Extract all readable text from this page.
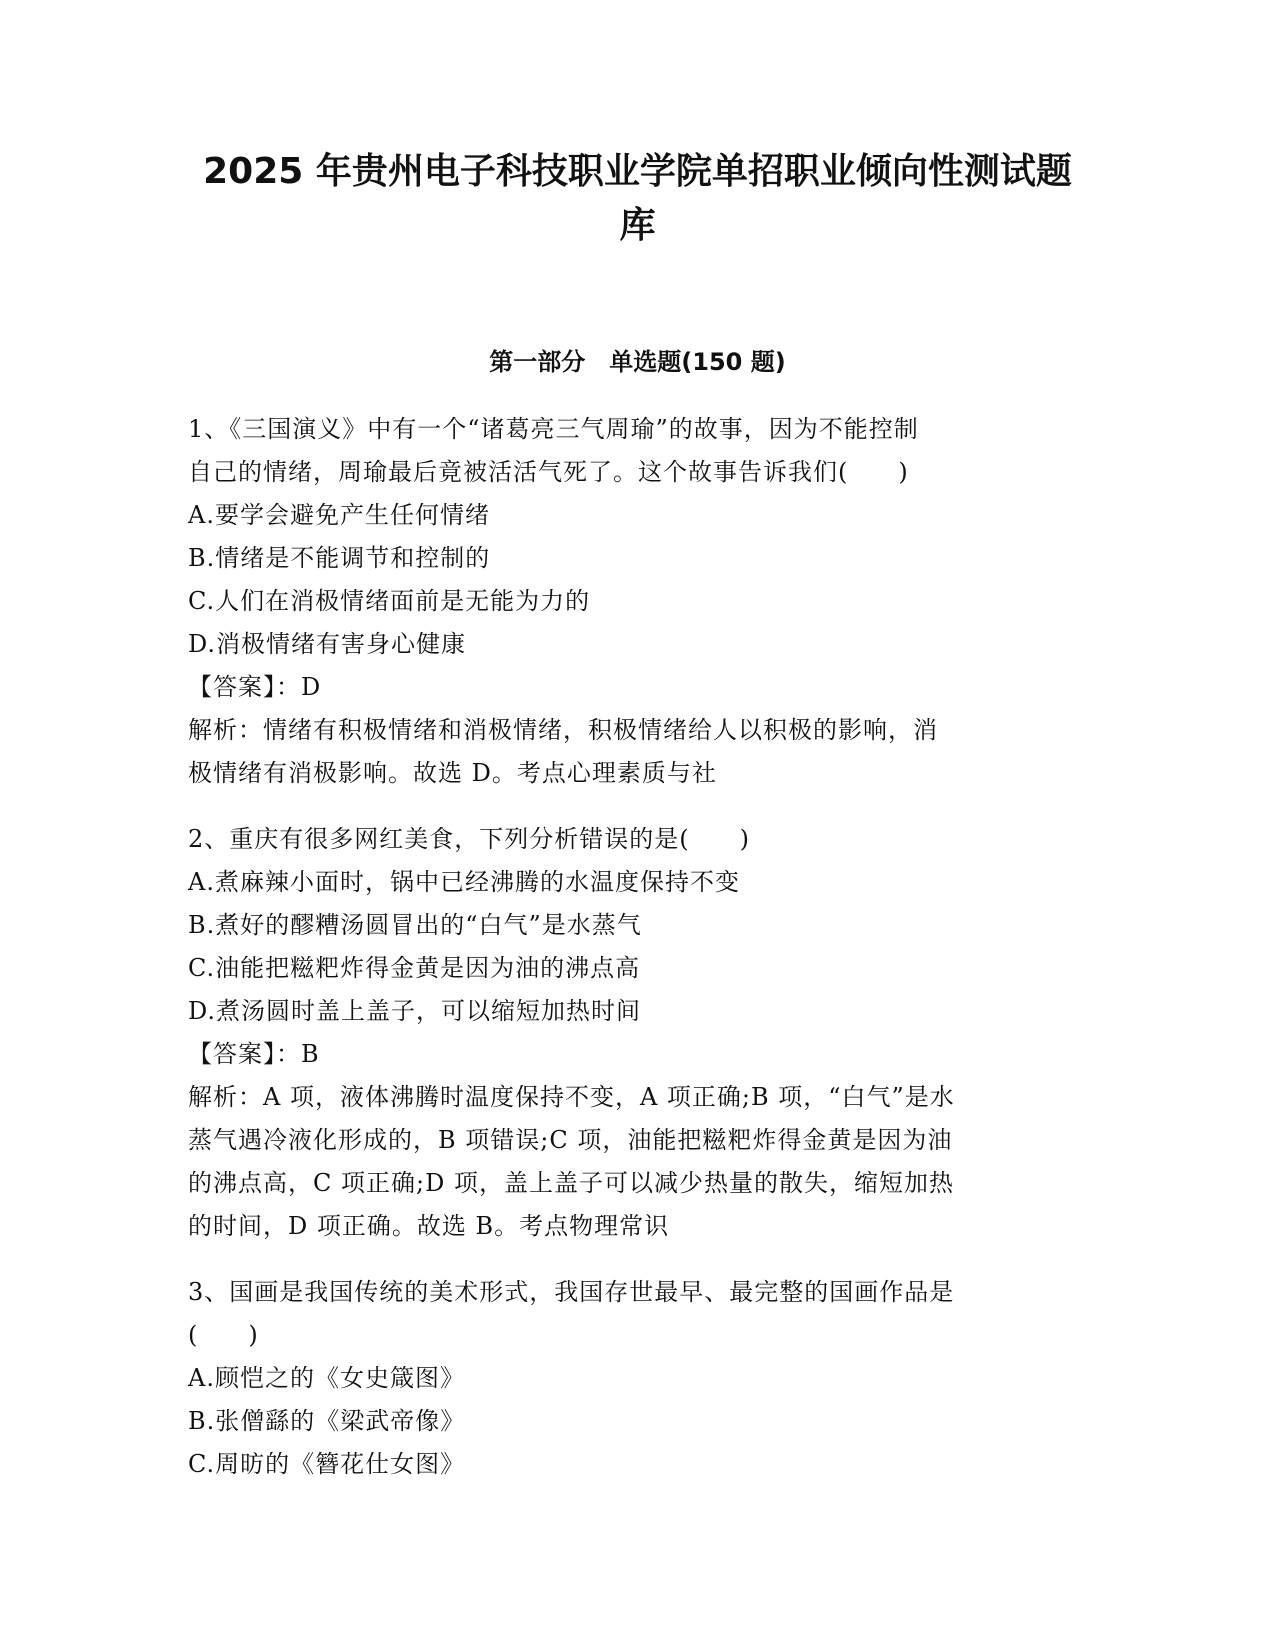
2025 年贵州电子科技职业学院单招职业倾向性测试题
库
第一部分　单选题(150 题)
1、《三国演义》中有一个“诸葛亮三气周瑜”的故事，因为不能控制
自己的情绪，周瑜最后竟被活活气死了。这个故事告诉我们(　　)
A.要学会避免产生任何情绪
B.情绪是不能调节和控制的
C.人们在消极情绪面前是无能为力的
D.消极情绪有害身心健康
【答案】：D
解析：情绪有积极情绪和消极情绪，积极情绪给人以积极的影响，消
极情绪有消极影响。故选 D。考点心理素质与社
2、重庆有很多网红美食，下列分析错误的是(　　)
A.煮麻辣小面时，锅中已经沸腾的水温度保持不变
B.煮好的醪糟汤圆冒出的“白气”是水蒸气
C.油能把糍粑炸得金黄是因为油的沸点高
D.煮汤圆时盖上盖子，可以缩短加热时间
【答案】：B
解析：A 项，液体沸腾时温度保持不变，A 项正确;B 项，“白气”是水
蒸气遇冷液化形成的，B 项错误;C 项，油能把糍粑炸得金黄是因为油
的沸点高，C 项正确;D 项，盖上盖子可以减少热量的散失，缩短加热
的时间，D 项正确。故选 B。考点物理常识
3、国画是我国传统的美术形式，我国存世最早、最完整的国画作品是
(　　)
A.顾恺之的《女史箴图》
B.张僧繇的《梁武帝像》
C.周昉的《簪花仕女图》
